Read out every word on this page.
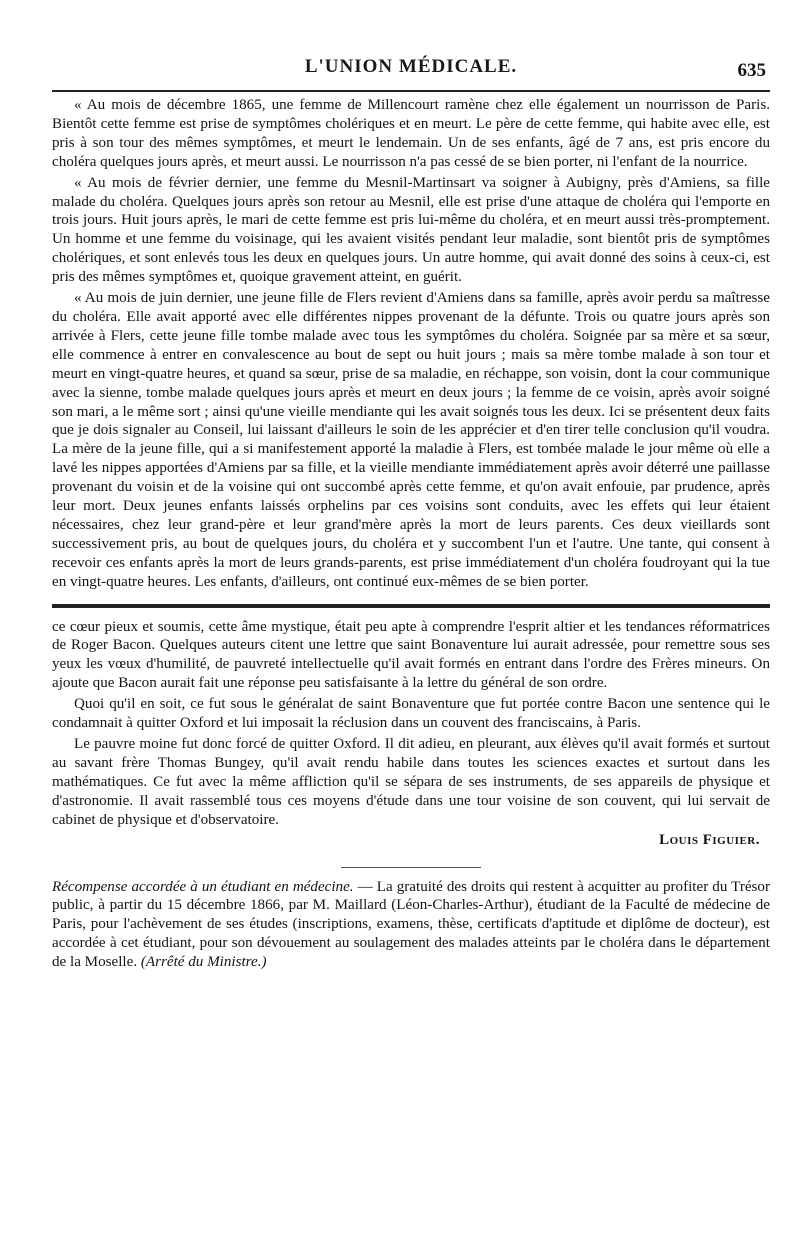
L'UNION MÉDICALE.	635

« Au mois de décembre 1865, une femme de Millencourt ramène chez elle également un nourrisson de Paris. Bientôt cette femme est prise de symptômes cholériques et en meurt. Le père de cette femme, qui habite avec elle, est pris à son tour des mêmes symptômes, et meurt le lendemain. Un de ses enfants, âgé de 7 ans, est pris encore du choléra quelques jours après, et meurt aussi. Le nourrisson n'a pas cessé de se bien porter, ni l'enfant de la nourrice.

« Au mois de février dernier, une femme du Mesnil-Martinsart va soigner à Aubigny, près d'Amiens, sa fille malade du choléra. Quelques jours après son retour au Mesnil, elle est prise d'une attaque de choléra qui l'emporte en trois jours. Huit jours après, le mari de cette femme est pris lui-même du choléra, et en meurt aussi très-promptement. Un homme et une femme du voisinage, qui les avaient visités pendant leur maladie, sont bientôt pris de symptômes cholériques, et sont enlevés tous les deux en quelques jours. Un autre homme, qui avait donné des soins à ceux-ci, est pris des mêmes symptômes et, quoique gravement atteint, en guérit.

« Au mois de juin dernier, une jeune fille de Flers revient d'Amiens dans sa famille, après avoir perdu sa maîtresse du choléra. Elle avait apporté avec elle différentes nippes provenant de la défunte. Trois ou quatre jours après son arrivée à Flers, cette jeune fille tombe malade avec tous les symptômes du choléra. Soignée par sa mère et sa sœur, elle commence à entrer en convalescence au bout de sept ou huit jours ; mais sa mère tombe malade à son tour et meurt en vingt-quatre heures, et quand sa sœur, prise de sa maladie, en réchappe, son voisin, dont la cour communique avec la sienne, tombe malade quelques jours après et meurt en deux jours ; la femme de ce voisin, après avoir soigné son mari, a le même sort ; ainsi qu'une vieille mendiante qui les avait soignés tous les deux. Ici se présentent deux faits que je dois signaler au Conseil, lui laissant d'ailleurs le soin de les apprécier et d'en tirer telle conclusion qu'il voudra. La mère de la jeune fille, qui a si manifestement apporté la maladie à Flers, est tombée malade le jour même où elle a lavé les nippes apportées d'Amiens par sa fille, et la vieille mendiante immédiatement après avoir déterré une paillasse provenant du voisin et de la voisine qui ont succombé après cette femme, et qu'on avait enfouie, par prudence, après leur mort. Deux jeunes enfants laissés orphelins par ces voisins sont conduits, avec les effets qui leur étaient nécessaires, chez leur grand-père et leur grand'mère après la mort de leurs parents. Ces deux vieillards sont successivement pris, au bout de quelques jours, du choléra et y succombent l'un et l'autre. Une tante, qui consent à recevoir ces enfants après la mort de leurs grands-parents, est prise immédiatement d'un choléra foudroyant qui la tue en vingt-quatre heures. Les enfants, d'ailleurs, ont continué eux-mêmes de se bien porter.

ce cœur pieux et soumis, cette âme mystique, était peu apte à comprendre l'esprit altier et les tendances réformatrices de Roger Bacon. Quelques auteurs citent une lettre que saint Bonaventure lui aurait adressée, pour remettre sous ses yeux les vœux d'humilité, de pauvreté intellectuelle qu'il avait formés en entrant dans l'ordre des Frères mineurs. On ajoute que Bacon aurait fait une réponse peu satisfaisante à la lettre du général de son ordre.

Quoi qu'il en soit, ce fut sous le généralat de saint Bonaventure que fut portée contre Bacon une sentence qui le condamnait à quitter Oxford et lui imposait la réclusion dans un couvent des franciscains, à Paris.

Le pauvre moine fut donc forcé de quitter Oxford. Il dit adieu, en pleurant, aux élèves qu'il avait formés et surtout au savant frère Thomas Bungey, qu'il avait rendu habile dans toutes les sciences exactes et surtout dans les mathématiques. Ce fut avec la même affliction qu'il se sépara de ses instruments, de ses appareils de physique et d'astronomie. Il avait rassemblé tous ces moyens d'étude dans une tour voisine de son couvent, qui lui servait de cabinet de physique et d'observatoire.

Louis Figuier.

Récompense accordée à un étudiant en médecine. — La gratuité des droits qui restent à acquitter au profiter du Trésor public, à partir du 15 décembre 1866, par M. Maillard (Léon-Charles-Arthur), étudiant de la Faculté de médecine de Paris, pour l'achèvement de ses études (inscriptions, examens, thèse, certificats d'aptitude et diplôme de docteur), est accordée à cet étudiant, pour son dévouement au soulagement des malades atteints par le choléra dans le département de la Moselle. (Arrêté du Ministre.)
